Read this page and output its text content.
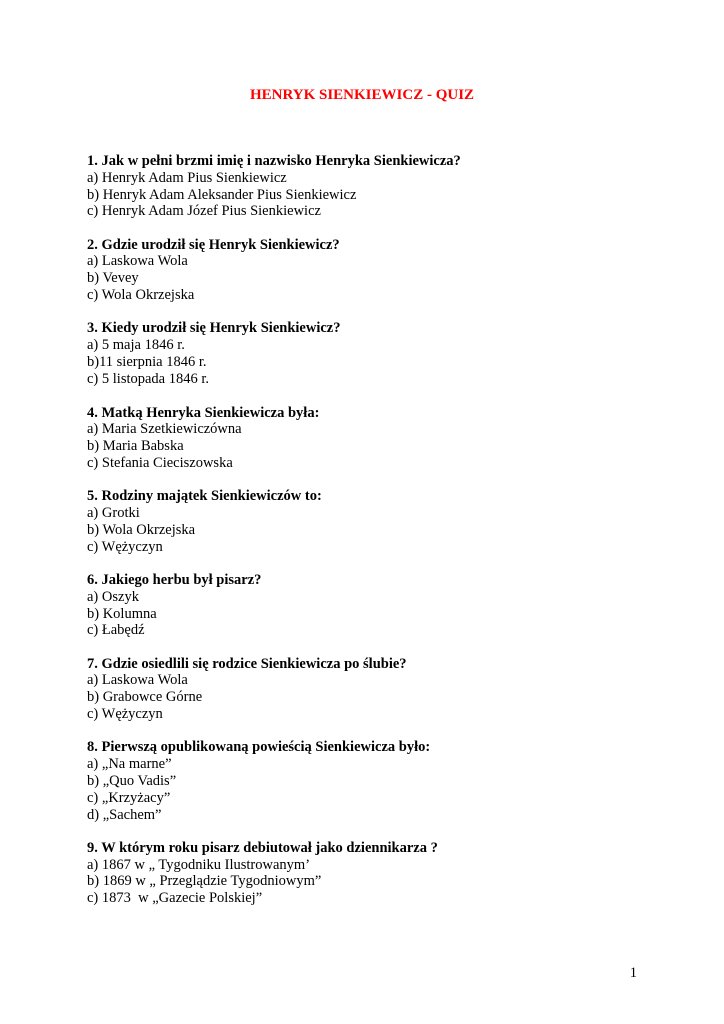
HENRYK SIENKIEWICZ - QUIZ
1. Jak w pełni brzmi imię i nazwisko Henryka Sienkiewicza?
a) Henryk Adam Pius Sienkiewicz
b) Henryk Adam Aleksander Pius Sienkiewicz
c) Henryk Adam Józef Pius Sienkiewicz
2. Gdzie urodził się Henryk Sienkiewicz?
a) Laskowa Wola
b) Vevey
c) Wola Okrzejska
3. Kiedy urodził się Henryk Sienkiewicz?
a) 5 maja 1846 r.
b)11 sierpnia 1846 r.
c) 5 listopada 1846 r.
4. Matką Henryka Sienkiewicza była:
a) Maria Szetkiewiczówna
b) Maria Babska
c) Stefania Cieciszowska
5. Rodziny majątek Sienkiewiczów to:
a) Grotki
b) Wola Okrzejska
c) Wężyczyn
6. Jakiego herbu był pisarz?
a) Oszyk
b) Kolumna
c) Łabędź
7. Gdzie osiedlili się rodzice Sienkiewicza po ślubie?
a) Laskowa Wola
b) Grabowce Górne
c) Wężyczyn
8. Pierwszą opublikowaną powieścią Sienkiewicza było:
a) „Na marne”
b) „Quo Vadis”
c) „Krzyżacy”
d) „Sachem”
9. W którym roku pisarz debiutował jako dziennikarza ?
a) 1867 w „ Tygodniku Ilustrowanym’
b) 1869 w „ Przeglądzie Tygodniowym”
c) 1873  w „Gazecie Polskiej”
1
